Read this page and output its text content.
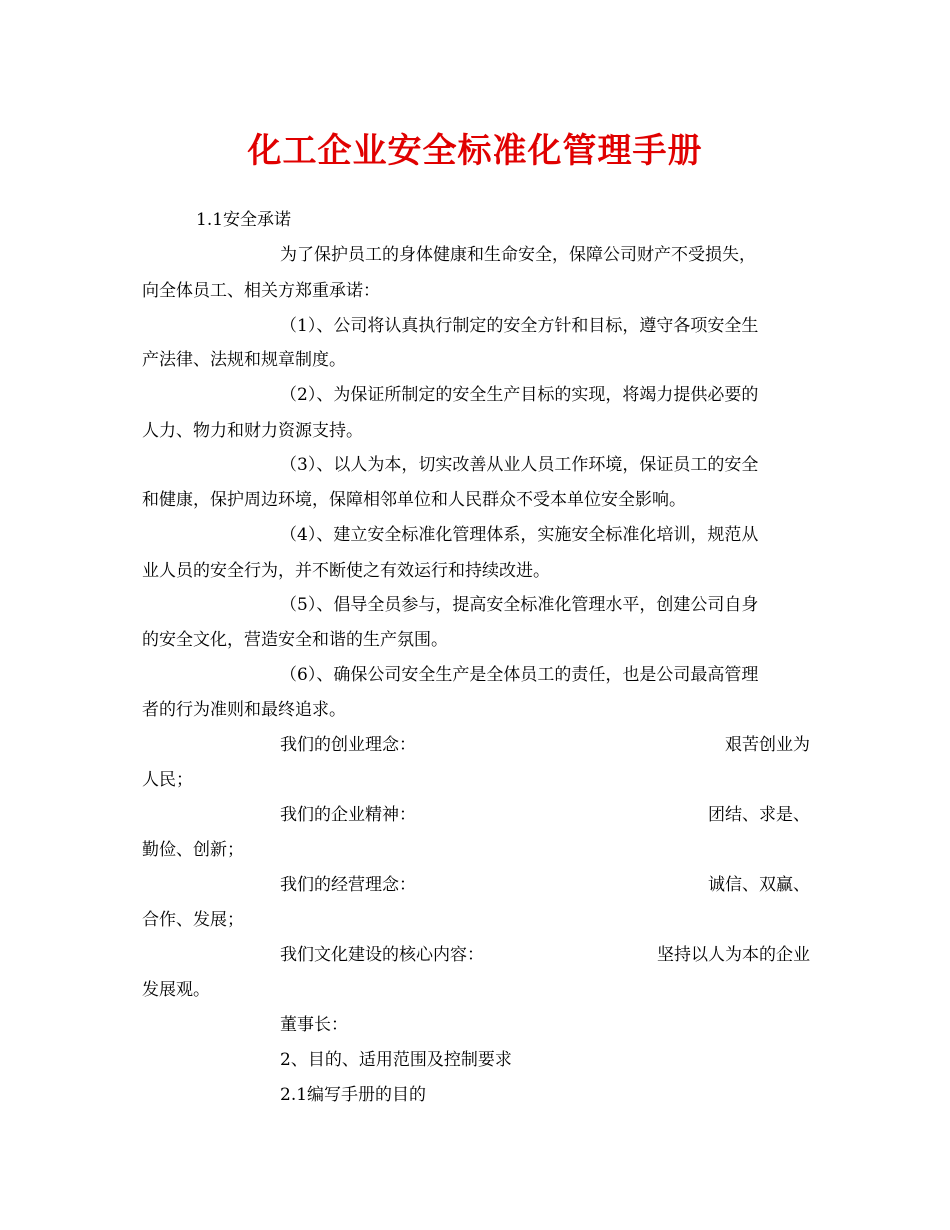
化工企业安全标准化管理手册
1.1安全承诺
为了保护员工的身体健康和生命安全，保障公司财产不受损失，
向全体员工、相关方郑重承诺：
（1）、公司将认真执行制定的安全方针和目标，遵守各项安全生
产法律、法规和规章制度。
（2）、为保证所制定的安全生产目标的实现，将竭力提供必要的
人力、物力和财力资源支持。
（3）、以人为本，切实改善从业人员工作环境，保证员工的安全
和健康，保护周边环境，保障相邻单位和人民群众不受本单位安全影响。
（4）、建立安全标准化管理体系，实施安全标准化培训，规范从
业人员的安全行为，并不断使之有效运行和持续改进。
（5）、倡导全员参与，提高安全标准化管理水平，创建公司自身
的安全文化，营造安全和谐的生产氛围。
（6）、确保公司安全生产是全体员工的责任，也是公司最高管理
者的行为准则和最终追求。
我们的创业理念：	艰苦创业为
人民；
我们的企业精神：	团结、求是、
勤俭、创新；
我们的经营理念：	诚信、双赢、
合作、发展；
我们文化建设的核心内容：	坚持以人为本的企业
发展观。
董事长：
2、目的、适用范围及控制要求
2.1编写手册的目的
